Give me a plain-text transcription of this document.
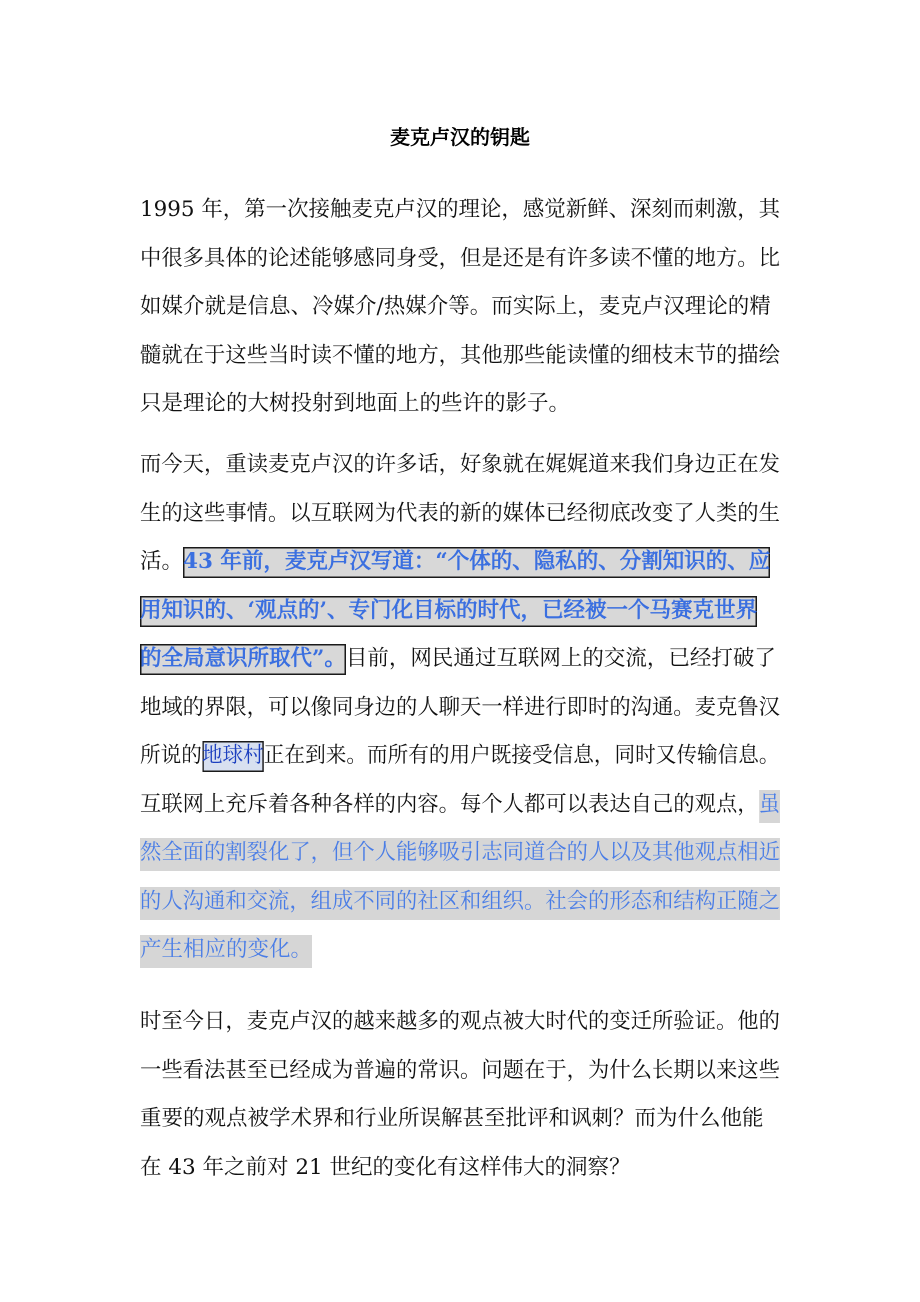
麦克卢汉的钥匙
1995 年，第一次接触麦克卢汉的理论，感觉新鲜、深刻而刺激，其
中很多具体的论述能够感同身受，但是还是有许多读不懂的地方。比
如媒介就是信息、冷媒介/热媒介等。而实际上，麦克卢汉理论的精
髓就在于这些当时读不懂的地方，其他那些能读懂的细枝末节的描绘
只是理论的大树投射到地面上的些许的影子。
而今天，重读麦克卢汉的许多话，好象就在娓娓道来我们身边正在发
生的这些事情。以互联网为代表的新的媒体已经彻底改变了人类的生
活。43 年前，麦克卢汉写道：“个体的、隐私的、分割知识的、应
用知识的、‘观点的’、专门化目标的时代，已经被一个马赛克世界
的全局意识所取代”。目前，网民通过互联网上的交流，已经打破了
地域的界限，可以像同身边的人聊天一样进行即时的沟通。麦克鲁汉
所说的地球村正在到来。而所有的用户既接受信息，同时又传输信息。
互联网上充斥着各种各样的内容。每个人都可以表达自己的观点，虽
然全面的割裂化了，但个人能够吸引志同道合的人以及其他观点相近
的人沟通和交流，组成不同的社区和组织。社会的形态和结构正随之
产生相应的变化。
时至今日，麦克卢汉的越来越多的观点被大时代的变迁所验证。他的
一些看法甚至已经成为普遍的常识。问题在于，为什么长期以来这些
重要的观点被学术界和行业所误解甚至批评和讽刺？而为什么他能
在 43 年之前对 21 世纪的变化有这样伟大的洞察？
